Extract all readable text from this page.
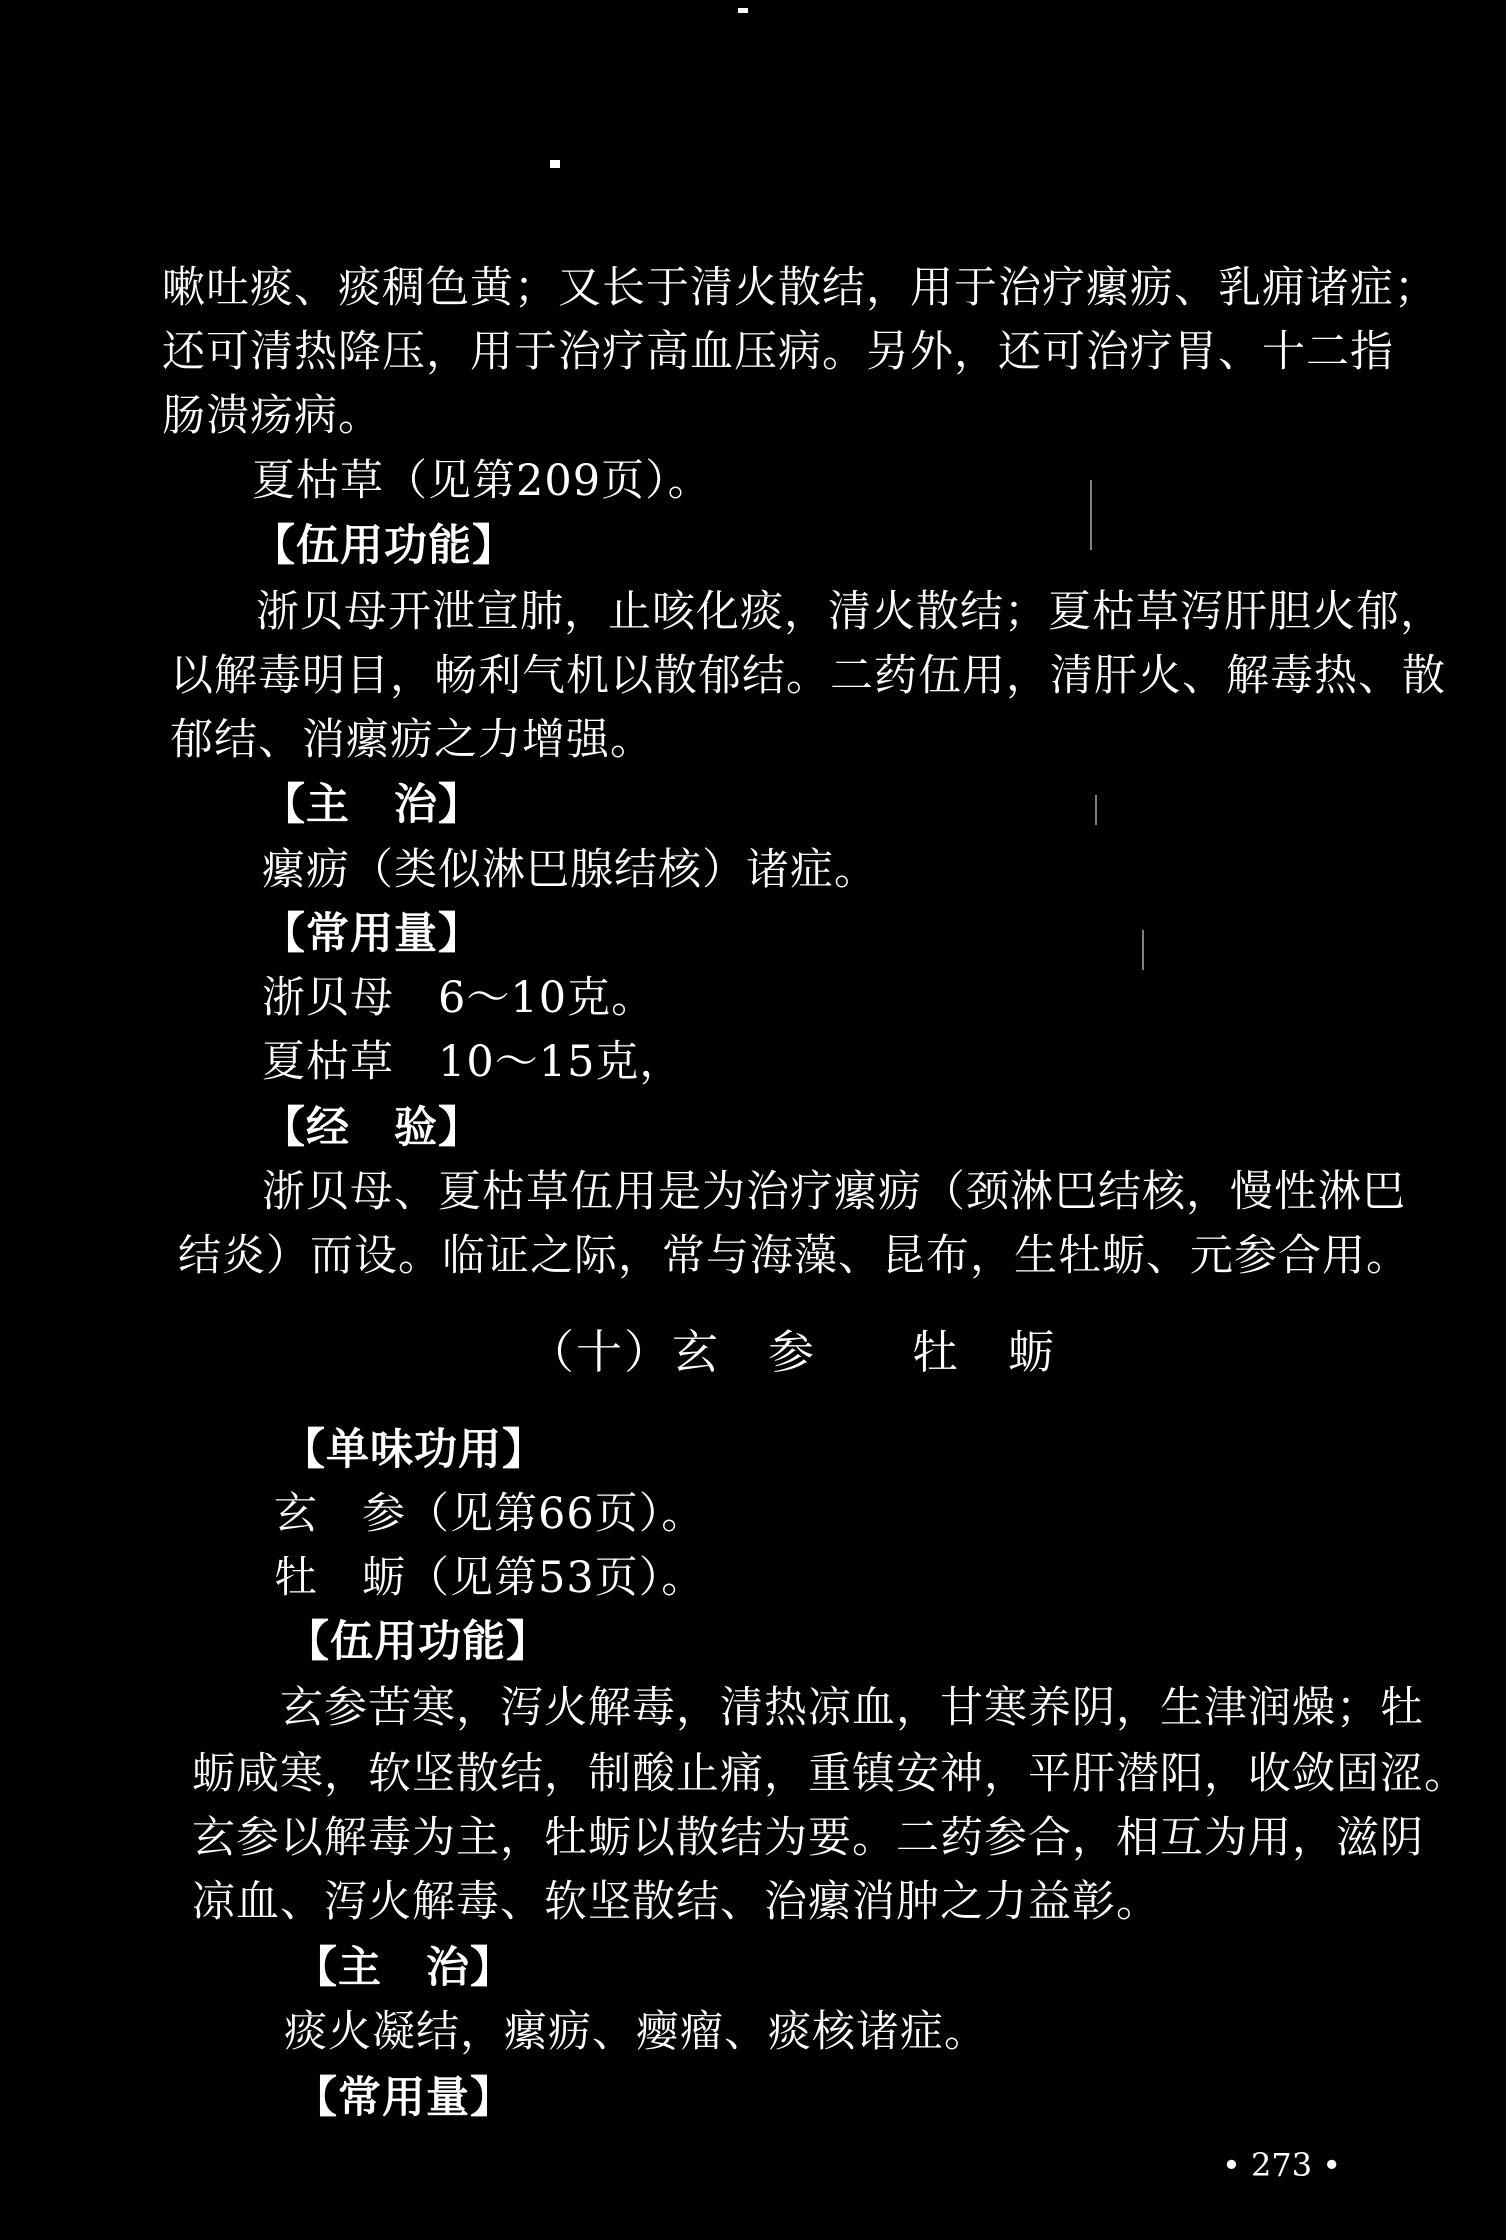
嗽吐痰、痰稠色黄；又长于清火散结，用于治疗瘰疬、乳痈诸症；
还可清热降压，用于治疗高血压病。另外，还可治疗胃、十二指
肠溃疡病。
夏枯草（见第209页）。
【伍用功能】
浙贝母开泄宣肺，止咳化痰，清火散结；夏枯草泻肝胆火郁，
以解毒明目，畅利气机以散郁结。二药伍用，清肝火、解毒热、散
郁结、消瘰疬之力增强。
【主　治】
瘰疬（类似淋巴腺结核）诸症。
【常用量】
浙贝母　6～10克。
夏枯草　10～15克，
【经　验】
浙贝母、夏枯草伍用是为治疗瘰疬（颈淋巴结核，慢性淋巴
结炎）而设。临证之际，常与海藻、昆布，生牡蛎、元参合用。
（十）玄　参　　牡　蛎
【单味功用】
玄　参（见第66页）。
牡　蛎（见第53页）。
【伍用功能】
玄参苦寒，泻火解毒，清热凉血，甘寒养阴，生津润燥；牡
蛎咸寒，软坚散结，制酸止痛，重镇安神，平肝潜阳，收敛固涩。
玄参以解毒为主，牡蛎以散结为要。二药参合，相互为用，滋阴
凉血、泻火解毒、软坚散结、治瘰消肿之力益彰。
【主　治】
痰火凝结，瘰疬、瘿瘤、痰核诸症。
【常用量】
• 273 •
